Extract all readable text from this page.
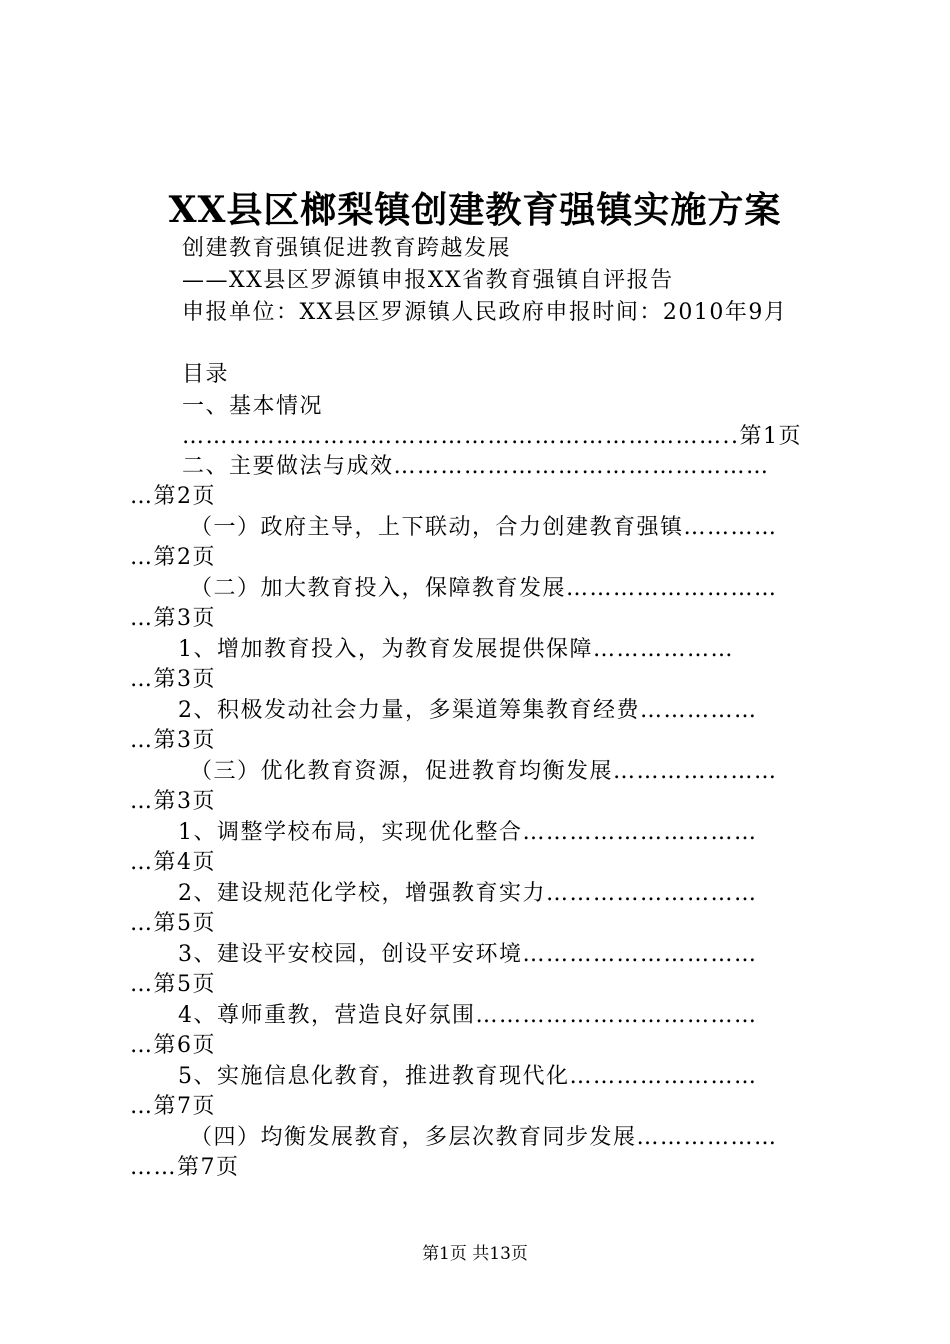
XX县区榔梨镇创建教育强镇实施方案
创建教育强镇促进教育跨越发展
——XX县区罗源镇申报XX省教育强镇自评报告
申报单位：XX县区罗源镇人民政府申报时间：2010年9月
目录
一、基本情况
……………………………………………………………..第1页
二、主要做法与成效…………………………………………
…第2页
（一）政府主导，上下联动，合力创建教育强镇…………
…第2页
（二）加大教育投入，保障教育发展………………………
…第3页
1、增加教育投入，为教育发展提供保障………………
…第3页
2、积极发动社会力量，多渠道筹集教育经费……………
…第3页
（三）优化教育资源，促进教育均衡发展…………………
…第3页
1、调整学校布局，实现优化整合…………………………
…第4页
2、建设规范化学校，增强教育实力………………………
…第5页
3、建设平安校园，创设平安环境…………………………
…第5页
4、尊师重教，营造良好氛围………………………………
…第6页
5、实施信息化教育，推进教育现代化……………………
…第7页
（四）均衡发展教育，多层次教育同步发展………………
……第7页
第1页 共13页
